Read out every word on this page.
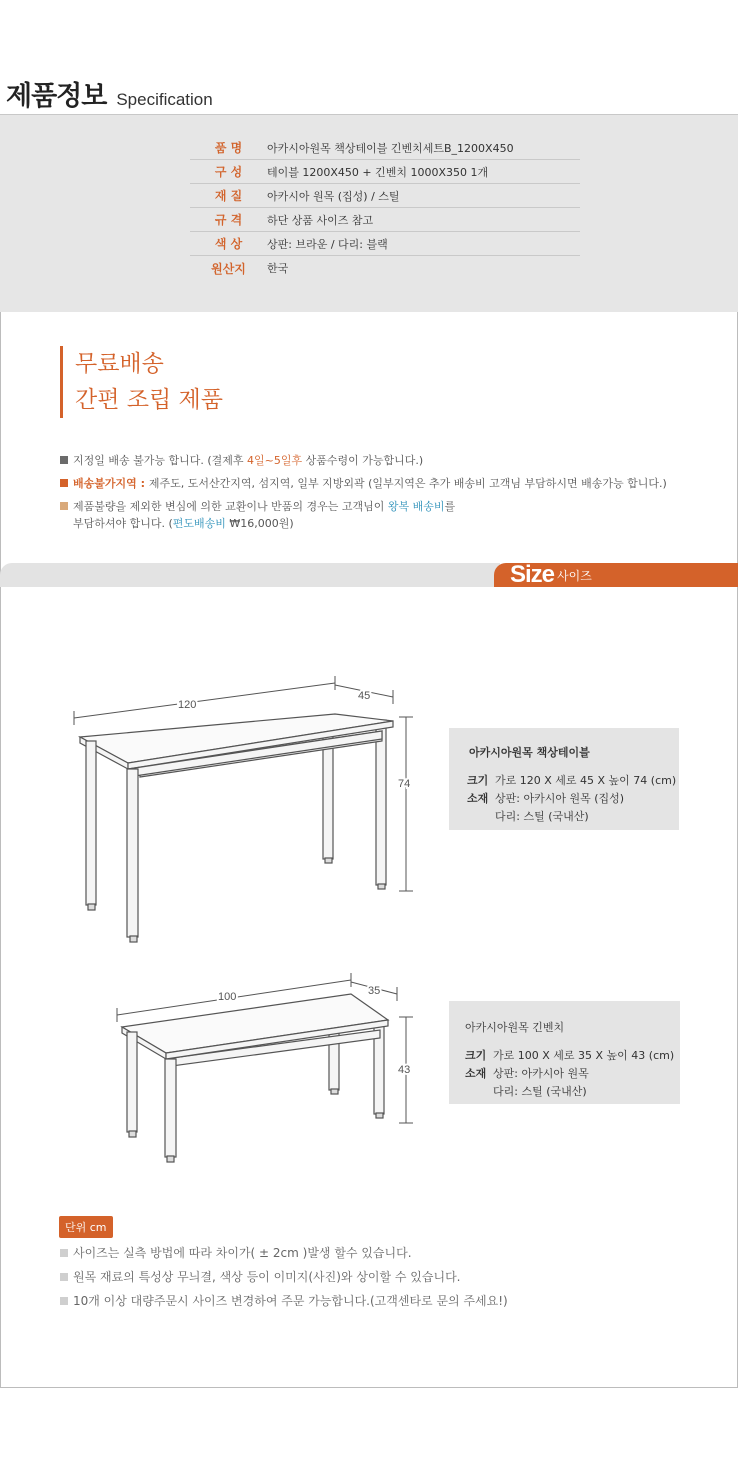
제품정보 Specification
품 명	아카시아원목 책상테이블 긴벤치세트B_1200X450
구 성	테이블 1200X450 + 긴벤치 1000X350 1개
재 질	아카시아 원목 (집성) / 스틸
규 격	하단 상품 사이즈 참고
색 상	상판: 브라운 / 다리: 블랙
원산지	한국
무료배송
간편 조립 제품
지정일 배송 불가능 합니다. (결제후 4일~5일후 상품수령이 가능합니다.)
배송불가지역 : 제주도, 도서산간지역, 섬지역, 일부 지방외곽 (일부지역은 추가 배송비 고객님 부담하시면 배송가능 합니다.)
제품불량을 제외한 변심에 의한 교환이나 반품의 경우는 고객님이 왕복 배송비를
부담하셔야 합니다. (편도배송비 ₩16,000원)
Size 사이즈
120
45
74
아카시아원목 책상테이블
크기 가로 120 X 세로 45 X 높이 74 (cm)
소재 상판: 아카시아 원목 (집성)
다리: 스틸 (국내산)
100	35
43
아카시아원목 긴벤치
크기 가로 100 X 세로 35 X 높이 43 (cm)
소재 상판: 아카시아 원목
다리: 스틸 (국내산)
단위 cm
사이즈는 실측 방법에 따라 차이가( ± 2cm )발생 할수 있습니다.
원목 재료의 특성상 무늬결, 색상 등이 이미지(사진)와 상이할 수 있습니다.
10개 이상 대량주문시 사이즈 변경하여 주문 가능합니다.(고객센타로 문의 주세요!)
